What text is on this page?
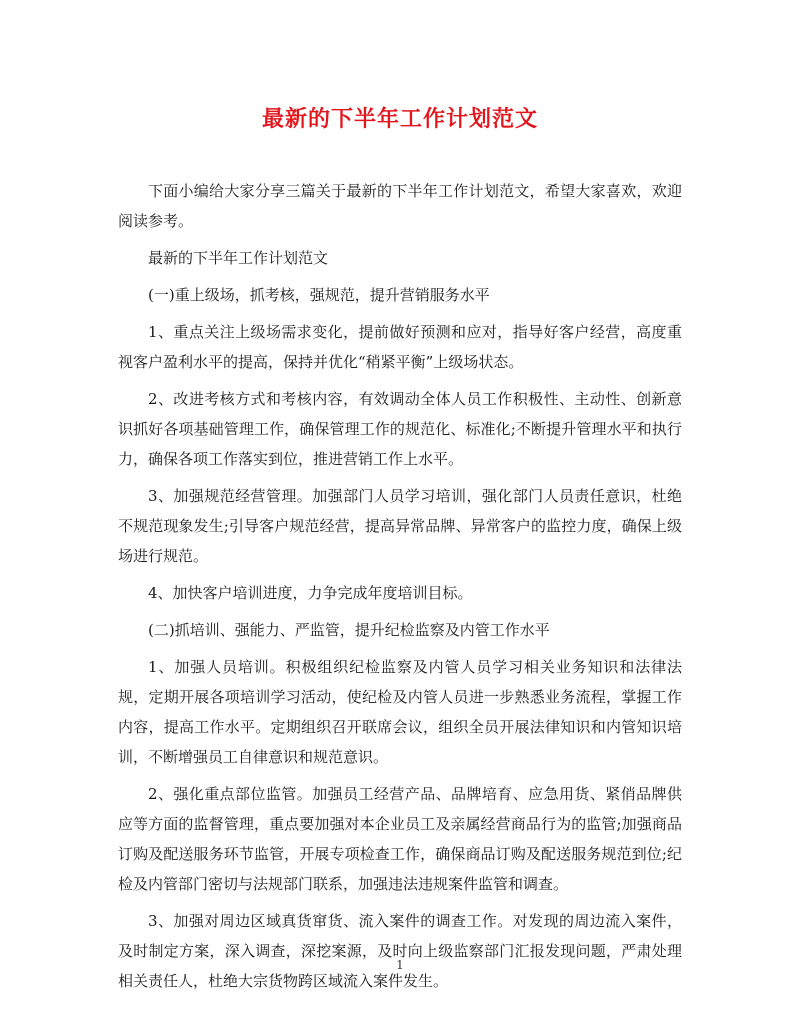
最新的下半年工作计划范文

下面小编给大家分享三篇关于最新的下半年工作计划范文，希望大家喜欢，欢迎阅读参考。

最新的下半年工作计划范文

(一)重上级场，抓考核，强规范，提升营销服务水平

1、重点关注上级场需求变化，提前做好预测和应对，指导好客户经营，高度重视客户盈利水平的提高，保持并优化“稍紧平衡”上级场状态。

2、改进考核方式和考核内容，有效调动全体人员工作积极性、主动性、创新意识抓好各项基础管理工作，确保管理工作的规范化、标准化;不断提升管理水平和执行力，确保各项工作落实到位，推进营销工作上水平。

3、加强规范经营管理。加强部门人员学习培训，强化部门人员责任意识，杜绝不规范现象发生;引导客户规范经营，提高异常品牌、异常客户的监控力度，确保上级场进行规范。

4、加快客户培训进度，力争完成年度培训目标。

(二)抓培训、强能力、严监管，提升纪检监察及内管工作水平

1、加强人员培训。积极组织纪检监察及内管人员学习相关业务知识和法律法规，定期开展各项培训学习活动，使纪检及内管人员进一步熟悉业务流程，掌握工作内容，提高工作水平。定期组织召开联席会议，组织全员开展法律知识和内管知识培训，不断增强员工自律意识和规范意识。

2、强化重点部位监管。加强员工经营产品、品牌培育、应急用货、紧俏品牌供应等方面的监督管理，重点要加强对本企业员工及亲属经营商品行为的监管;加强商品订购及配送服务环节监管，开展专项检查工作，确保商品订购及配送服务规范到位;纪检及内管部门密切与法规部门联系，加强违法违规案件监管和调查。

3、加强对周边区域真货窜货、流入案件的调查工作。对发现的周边流入案件，及时制定方案，深入调查，深挖案源，及时向上级监察部门汇报发现问题，严肃处理相关责任人，杜绝大宗货物跨区域流入案件发生。

1
